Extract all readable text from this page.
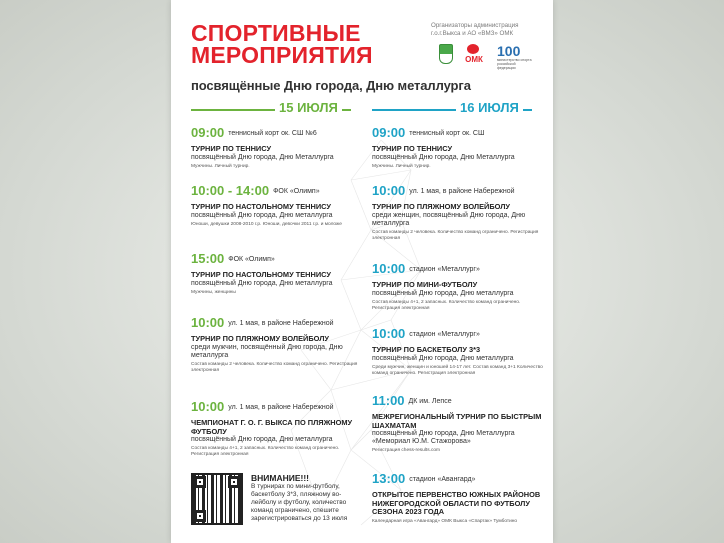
СПОРТИВНЫЕ
МЕРОПРИЯТИЯ
Организаторы администрация г.о.г.Выкса и АО «ВМЗ» ОМК
ОМК
100
министерство спорта российской федерации
посвящённые Дню города, Дню металлурга
15 ИЮЛЯ	16 ИЮЛЯ
09:00 теннисный корт ок. СШ №6
ТУРНИР ПО ТЕННИСУ
посвящённый Дню города, Дню Металлурга
Мужчины. Личный турнир.
10:00 - 14:00 ФОК «Олимп»
ТУРНИР ПО НАСТОЛЬНОМУ ТЕННИСУ
посвящённый Дню города, Дню металлурга
Юноши, девушки 2008-2010 г.р. Юноши, девочки 2011 г.р. и моложе
15:00 ФОК «Олимп»
ТУРНИР ПО НАСТОЛЬНОМУ ТЕННИСУ
посвящённый Дню города, Дню металлурга
Мужчины, женщины
10:00 ул. 1 мая, в районе Набережной
ТУРНИР ПО ПЛЯЖНОМУ ВОЛЕЙБОЛУ
среди мужчин, посвящённый Дню города, Дню металлурга
Состав команды 2 человека. Количество команд ограничено. Регистрация электронная
10:00 ул. 1 мая, в районе Набережной
ЧЕМПИОНАТ Г. О. Г. ВЫКСА ПО ПЛЯЖНОМУ ФУТБОЛУ
посвящённый Дню города, Дню металлурга
Состав команды 4+1, 2 запасных. Количество команд ограничено. Регистрация электронная
09:00 теннисный корт ок. СШ
ТУРНИР ПО ТЕННИСУ
посвящённый Дню города, Дню Металлурга
Мужчины. Личный турнир.
10:00 ул. 1 мая, в районе Набережной
ТУРНИР ПО ПЛЯЖНОМУ ВОЛЕЙБОЛУ
среди женщин, посвящённый Дню города, Дню металлурга
Состав команды 2 человека. Количество команд ограничено. Регистрация электронная
10:00 стадион «Металлург»
ТУРНИР ПО МИНИ-ФУТБОЛУ
посвящённый Дню города, Дню металлурга
Состав команды 4+1, 2 запасных. Количество команд ограничено. Регистрация электронная
10:00 стадион «Металлург»
ТУРНИР ПО БАСКЕТБОЛУ 3*3
посвящённый Дню города, Дню металлурга
Среди мужчин, женщин и юношей 14-17 лет. Состав команд 3+1 Количество команд ограничено. Регистрация электронная
11:00 ДК им. Лепсе
МЕЖРЕГИОНАЛЬНЫЙ ТУРНИР ПО БЫСТРЫМ ШАХМАТАМ
посвящённый Дню города, Дню Металлурга «Мемориал Ю.М. Стажорова»
Регистрация chess-results.com
13:00 стадион «Авангард»
ОТКРЫТОЕ ПЕРВЕНСТВО ЮЖНЫХ РАЙОНОВ НИЖЕГОРОДСКОЙ ОБЛАСТИ ПО ФУТБОЛУ СЕЗОНА 2023 ГОДА
Календарная игра «Авангард» ОМК Выкса «Спартак» Тумботино
ВНИМАНИЕ!!!
В турнирах по мини-футболу, баскетболу 3*3, пляжному во-лейболу и футболу, количество команд ограничено, спешите зарегистрироваться до 13 июля
